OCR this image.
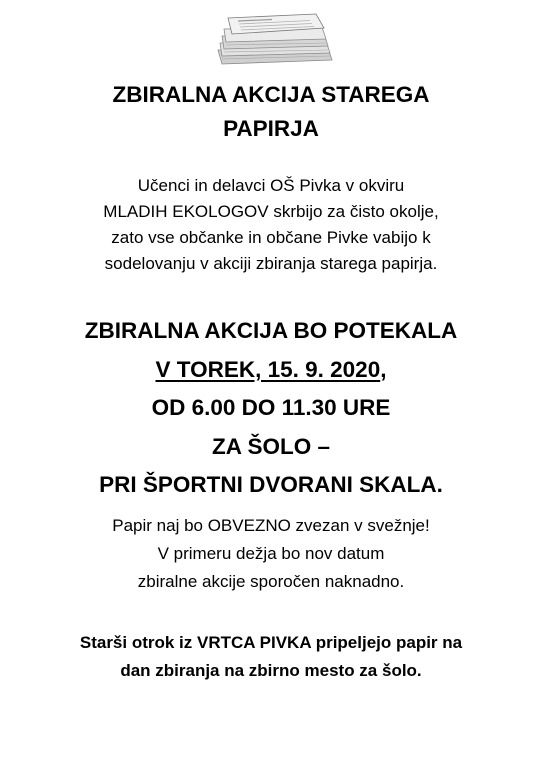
ZBIRALNA AKCIJA STAREGA
PAPIRJA
Učenci in delavci OŠ Pivka v okviru
MLADIH EKOLOGOV skrbijo za čisto okolje,
zato vse občanke in občane Pivke vabijo k
sodelovanju v akciji zbiranja starega papirja.
ZBIRALNA AKCIJA BO POTEKALA
V TOREK, 15. 9. 2020,
OD 6.00 DO 11.30 URE
ZA ŠOLO –
PRI ŠPORTNI DVORANI SKALA.
Papir naj bo OBVEZNO zvezan v svežnje!
V primeru dežja bo nov datum
zbiralne akcije sporočen naknadno.
Starši otrok iz VRTCA PIVKA pripeljejo papir na
dan zbiranja na zbirno mesto za šolo.
